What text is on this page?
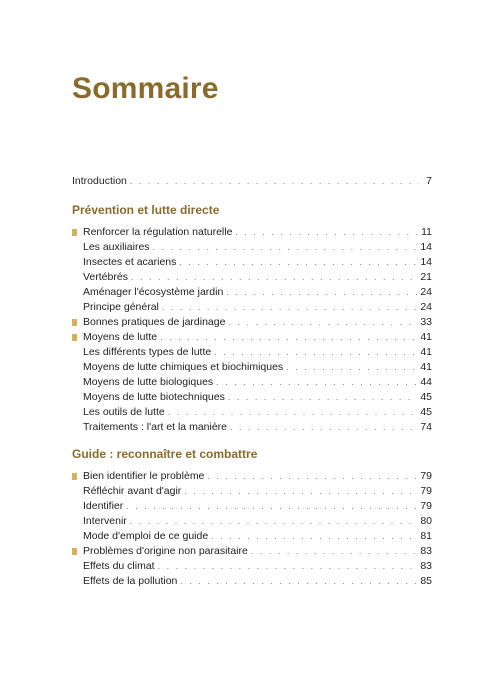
Sommaire
Introduction . . .	7
Prévention et lutte directe
Renforcer la régulation naturelle . . .	11
Les auxiliaires . . .	14
Insectes et acariens . . .	14
Vertébrés . . .	21
Aménager l'écosystème jardin . . .	24
Principe général . . .	24
Bonnes pratiques de jardinage . . .	33
Moyens de lutte . . .	41
Les différents types de lutte . . .	41
Moyens de lutte chimiques et biochimiques . . .	41
Moyens de lutte biologiques . . .	44
Moyens de lutte biotechniques . . .	45
Les outils de lutte . . .	45
Traitements : l'art et la manière . . .	74
Guide : reconnaître et combattre
Bien identifier le problème . . .	79
Réfléchir avant d'agir . . .	79
Identifier . . .	79
Intervenir . . .	80
Mode d'emploi de ce guide . . .	81
Problèmes d'origine non parasitaire . . .	83
Effets du climat . . .	83
Effets de la pollution . . .	85
